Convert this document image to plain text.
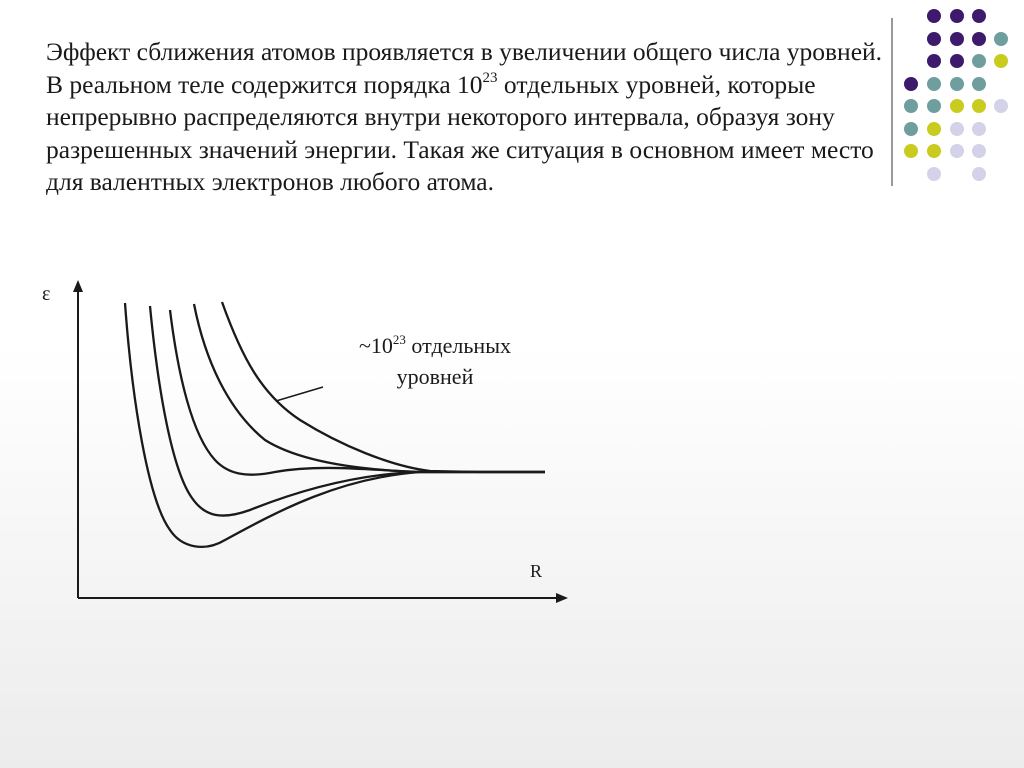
Эффект сближения атомов проявляется в увеличении общего числа уровней. В реальном теле содержится порядка $10^{23}$ отдельных уровней, которые непрерывно распределяются внутри некоторого интервала, образуя зону разрешенных значений энергии. Такая же ситуация в основном имеет место для валентных электронов любого атома.

ε
R
$\sim 10^{23}$ отдельных
уровней
